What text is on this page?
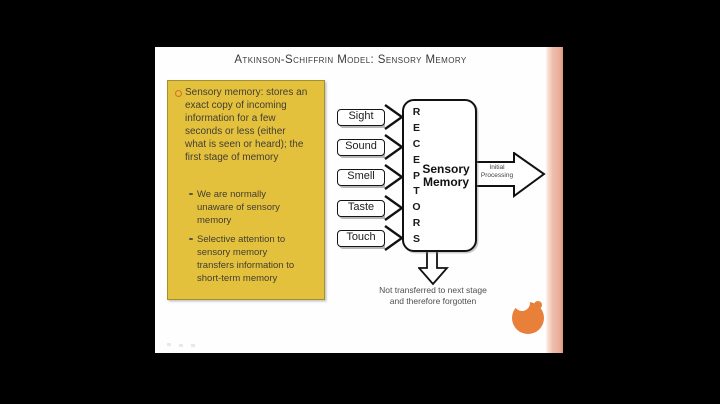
Atkinson-Schiffrin Model: Sensory Memory
Sensory memory: stores an exact copy of incoming information for a few seconds or less (either what is seen or heard); the first stage of memory
We are normally unaware of sensory memory
Selective attention to sensory memory transfers information to short-term memory
Sight
Sound
Smell
Taste
Touch
R
E
C
E
P
T
O
R
S
Sensory
Memory
Initial
Processing
Not transferred to next stage
and therefore forgotten
